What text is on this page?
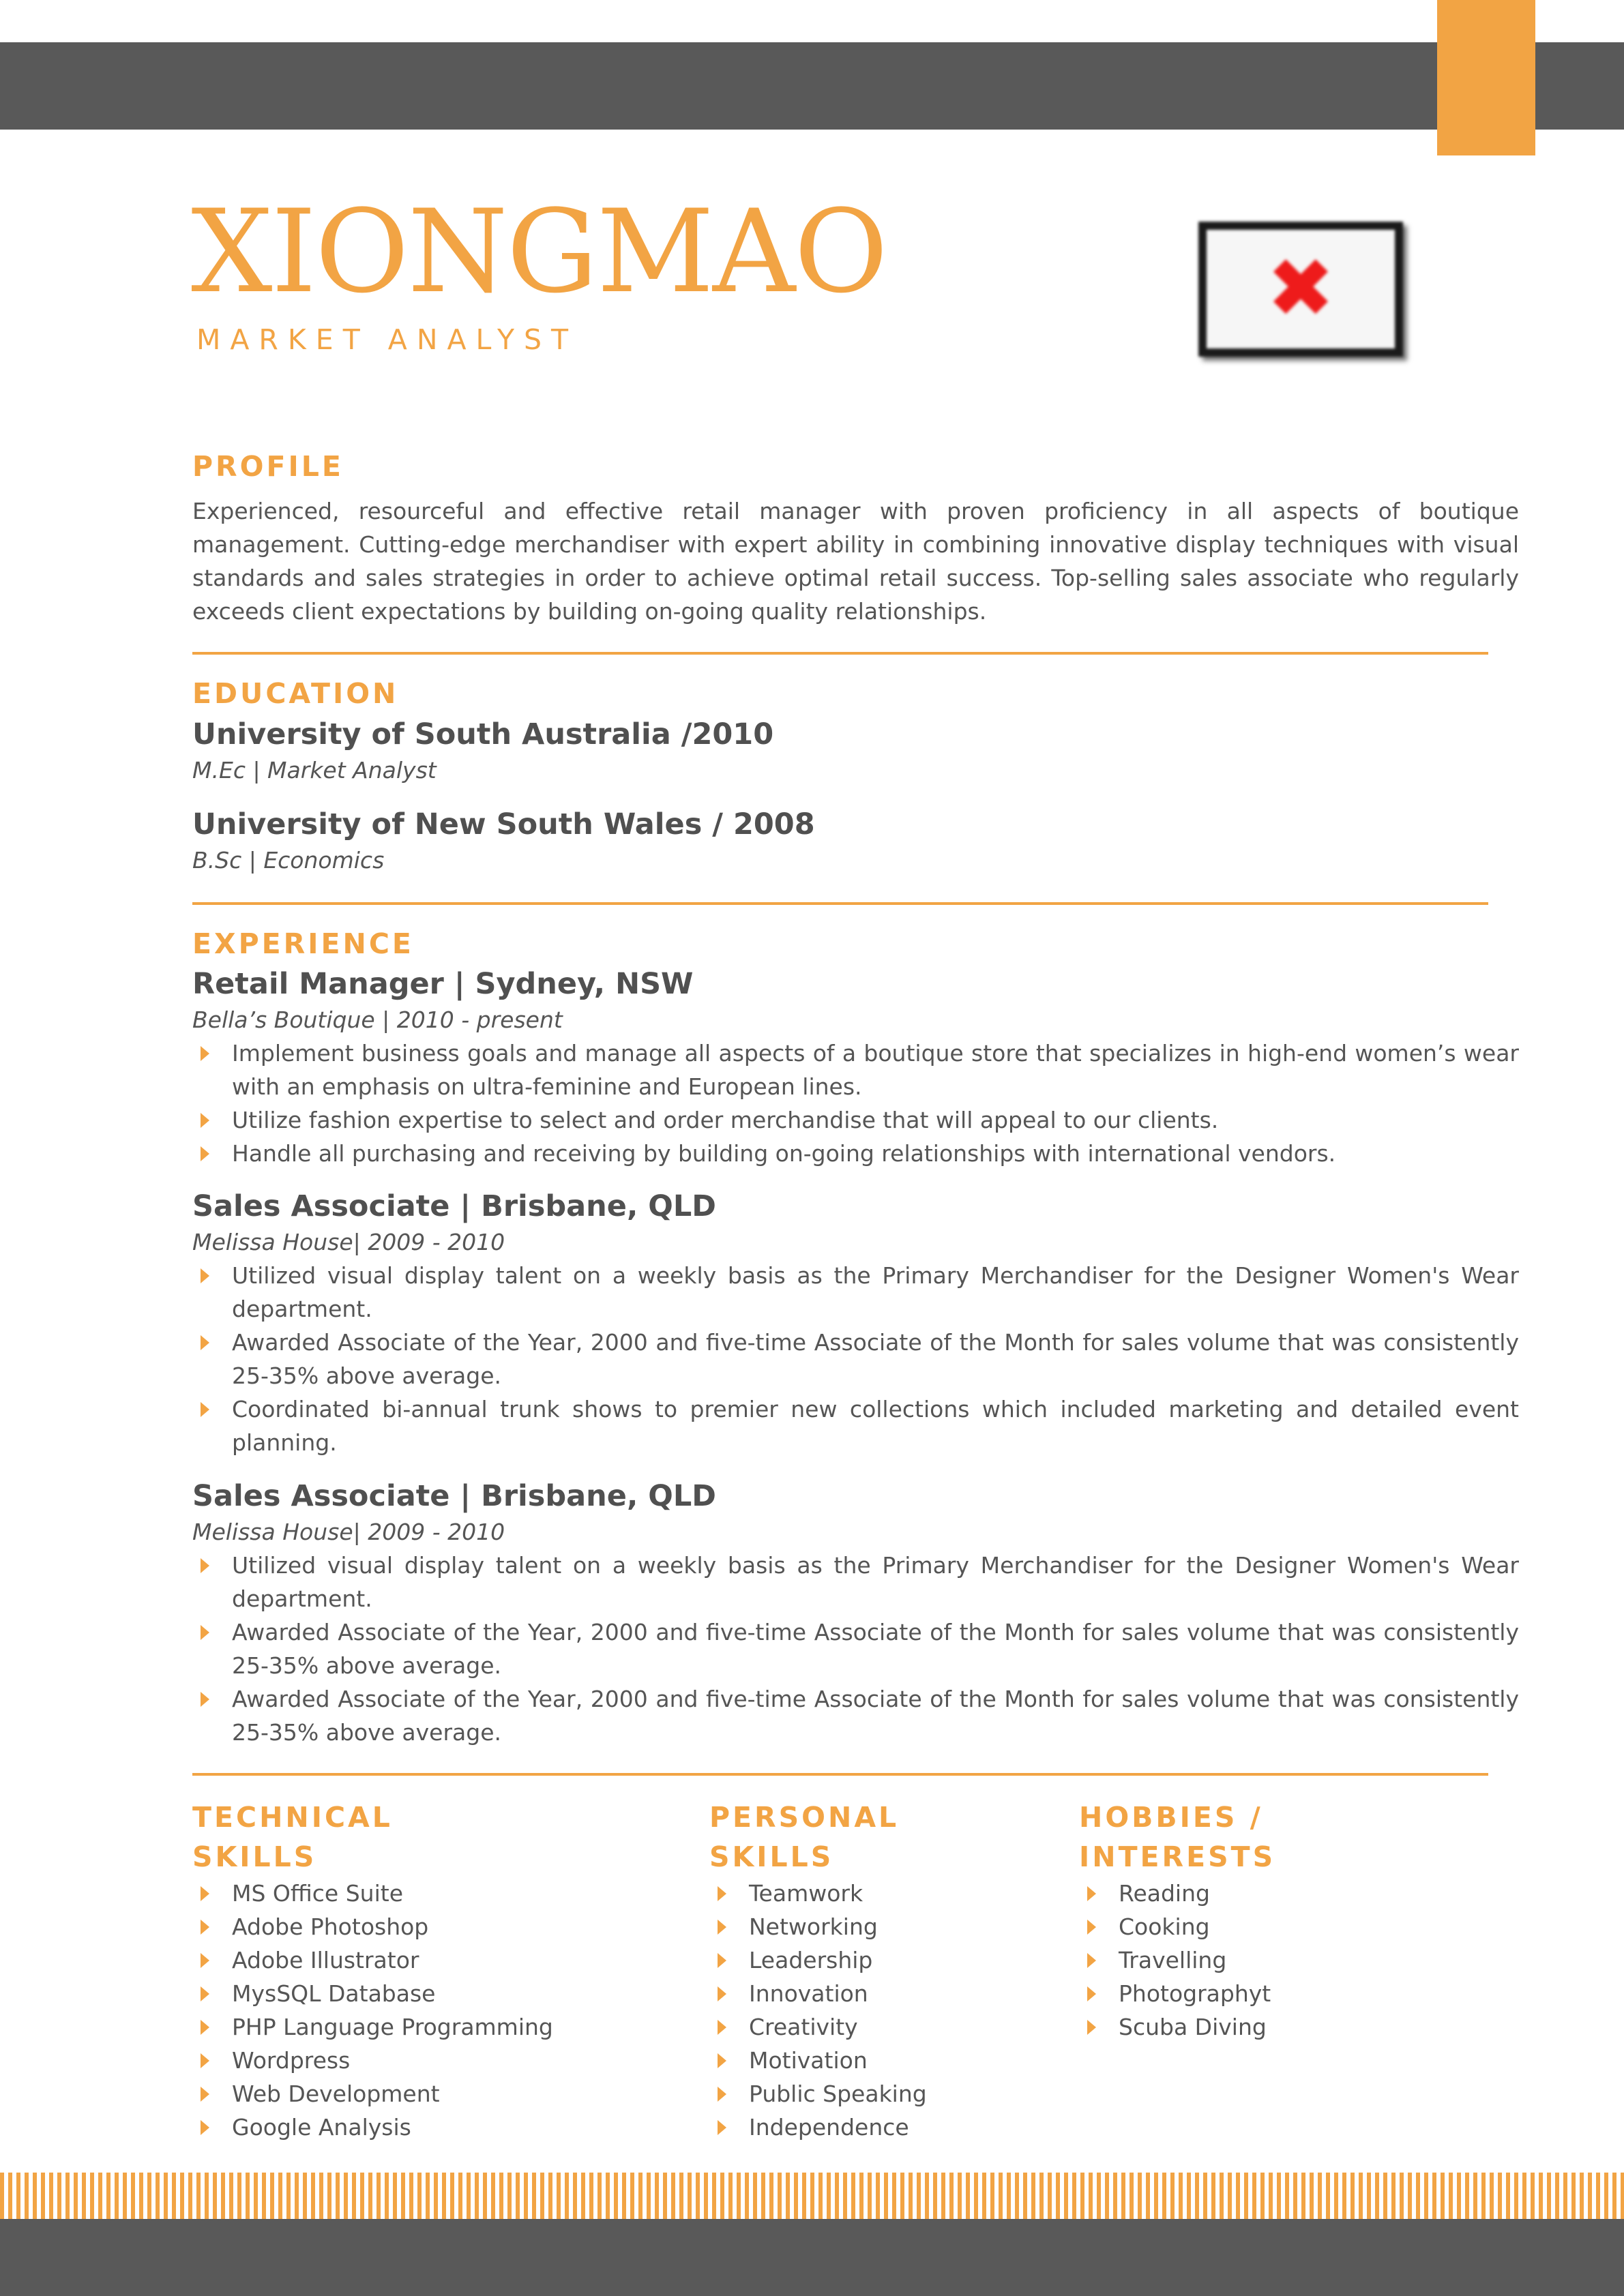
XIONGMAO
MARKET ANALYST
✖
PROFILE
Experienced, resourceful and effective retail manager with proven proficiency in all aspects of boutique management. Cutting-edge merchandiser with expert ability in combining innovative display techniques with visual standards and sales strategies in order to achieve optimal retail success. Top-selling sales associate who regularly exceeds client expectations by building on-going quality relationships.
EDUCATION
University of South Australia /2010
M.Ec | Market Analyst
University of New South Wales / 2008
B.Sc | Economics
EXPERIENCE
Retail Manager | Sydney, NSW
Bella’s Boutique | 2010 - present
Implement business goals and manage all aspects of a boutique store that specializes in high-end women’s wear with an emphasis on ultra-feminine and European lines.
Utilize fashion expertise to select and order merchandise that will appeal to our clients.
Handle all purchasing and receiving by building on-going relationships with international vendors.
Sales Associate | Brisbane, QLD
Melissa House| 2009 - 2010
Utilized visual display talent on a weekly basis as the Primary Merchandiser for the Designer Women's Wear department.
Awarded Associate of the Year, 2000 and five-time Associate of the Month for sales volume that was consistently 25-35% above average.
Coordinated bi-annual trunk shows to premier new collections which included marketing and detailed event planning.
Sales Associate | Brisbane, QLD
Melissa House| 2009 - 2010
Utilized visual display talent on a weekly basis as the Primary Merchandiser for the Designer Women's Wear department.
Awarded Associate of the Year, 2000 and five-time Associate of the Month for sales volume that was consistently 25-35% above average.
Awarded Associate of the Year, 2000 and five-time Associate of the Month for sales volume that was consistently 25-35% above average.
TECHNICAL SKILLS
MS Office Suite
Adobe Photoshop
Adobe Illustrator
MysSQL Database
PHP Language Programming
Wordpress
Web Development
Google Analysis
PERSONAL SKILLS
Teamwork
Networking
Leadership
Innovation
Creativity
Motivation
Public Speaking
Independence
HOBBIES / INTERESTS
Reading
Cooking
Travelling
Photographyt
Scuba Diving
